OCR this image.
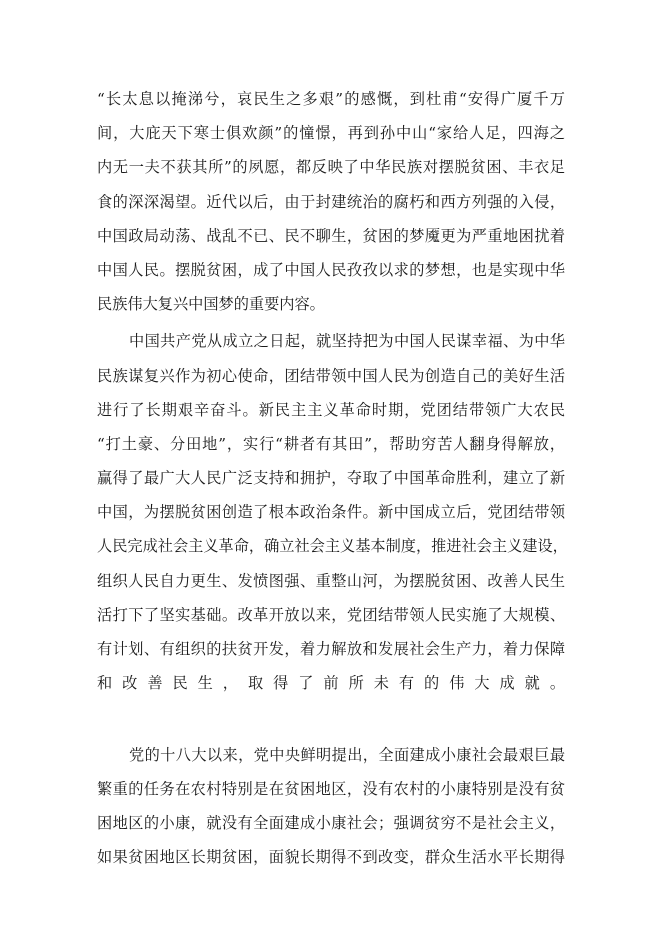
“长太息以掩涕兮，哀民生之多艰”的感慨，到杜甫“安得广厦千万
间，大庇天下寒士俱欢颜”的憧憬，再到孙中山“家给人足，四海之
内无一夫不获其所”的夙愿，都反映了中华民族对摆脱贫困、丰衣足
食的深深渴望。近代以后，由于封建统治的腐朽和西方列强的入侵，
中国政局动荡、战乱不已、民不聊生，贫困的梦魇更为严重地困扰着
中国人民。摆脱贫困，成了中国人民孜孜以求的梦想，也是实现中华
民族伟大复兴中国梦的重要内容。
中国共产党从成立之日起，就坚持把为中国人民谋幸福、为中华
民族谋复兴作为初心使命，团结带领中国人民为创造自己的美好生活
进行了长期艰辛奋斗。新民主主义革命时期，党团结带领广大农民
“打土豪、分田地”，实行“耕者有其田”，帮助穷苦人翻身得解放，
赢得了最广大人民广泛支持和拥护，夺取了中国革命胜利，建立了新
中国，为摆脱贫困创造了根本政治条件。新中国成立后，党团结带领
人民完成社会主义革命，确立社会主义基本制度，推进社会主义建设，
组织人民自力更生、发愤图强、重整山河，为摆脱贫困、改善人民生
活打下了坚实基础。改革开放以来，党团结带领人民实施了大规模、
有计划、有组织的扶贫开发，着力解放和发展社会生产力，着力保障
和改善民生，取得了前所未有的伟大成就。
党的十八大以来，党中央鲜明提出，全面建成小康社会最艰巨最
繁重的任务在农村特别是在贫困地区，没有农村的小康特别是没有贫
困地区的小康，就没有全面建成小康社会；强调贫穷不是社会主义，
如果贫困地区长期贫困，面貌长期得不到改变，群众生活水平长期得
